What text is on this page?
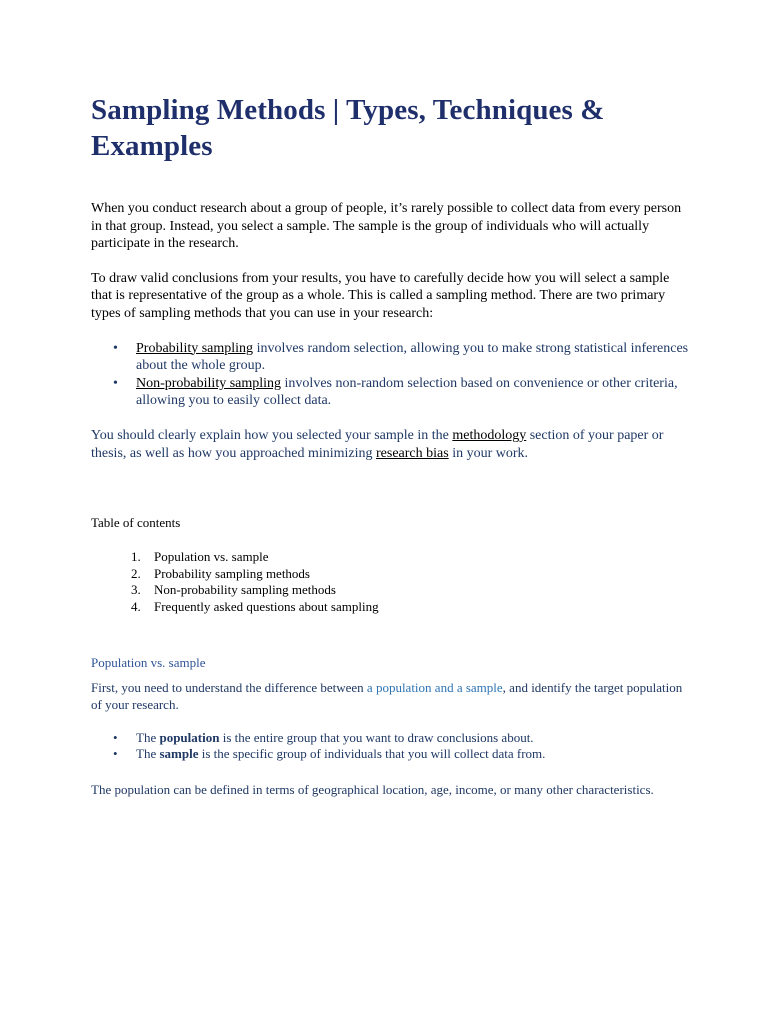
Sampling Methods | Types, Techniques & Examples

When you conduct research about a group of people, it’s rarely possible to collect data from every person in that group. Instead, you select a sample. The sample is the group of individuals who will actually participate in the research.

To draw valid conclusions from your results, you have to carefully decide how you will select a sample that is representative of the group as a whole. This is called a sampling method. There are two primary types of sampling methods that you can use in your research:

• Probability sampling involves random selection, allowing you to make strong statistical inferences about the whole group.
• Non-probability sampling involves non-random selection based on convenience or other criteria, allowing you to easily collect data.

You should clearly explain how you selected your sample in the methodology section of your paper or thesis, as well as how you approached minimizing research bias in your work.

Table of contents
1. Population vs. sample
2. Probability sampling methods
3. Non-probability sampling methods
4. Frequently asked questions about sampling
Population vs. sample

First, you need to understand the difference between a population and a sample, and identify the target population of your research.

• The population is the entire group that you want to draw conclusions about.
• The sample is the specific group of individuals that you will collect data from.

The population can be defined in terms of geographical location, age, income, or many other characteristics.
